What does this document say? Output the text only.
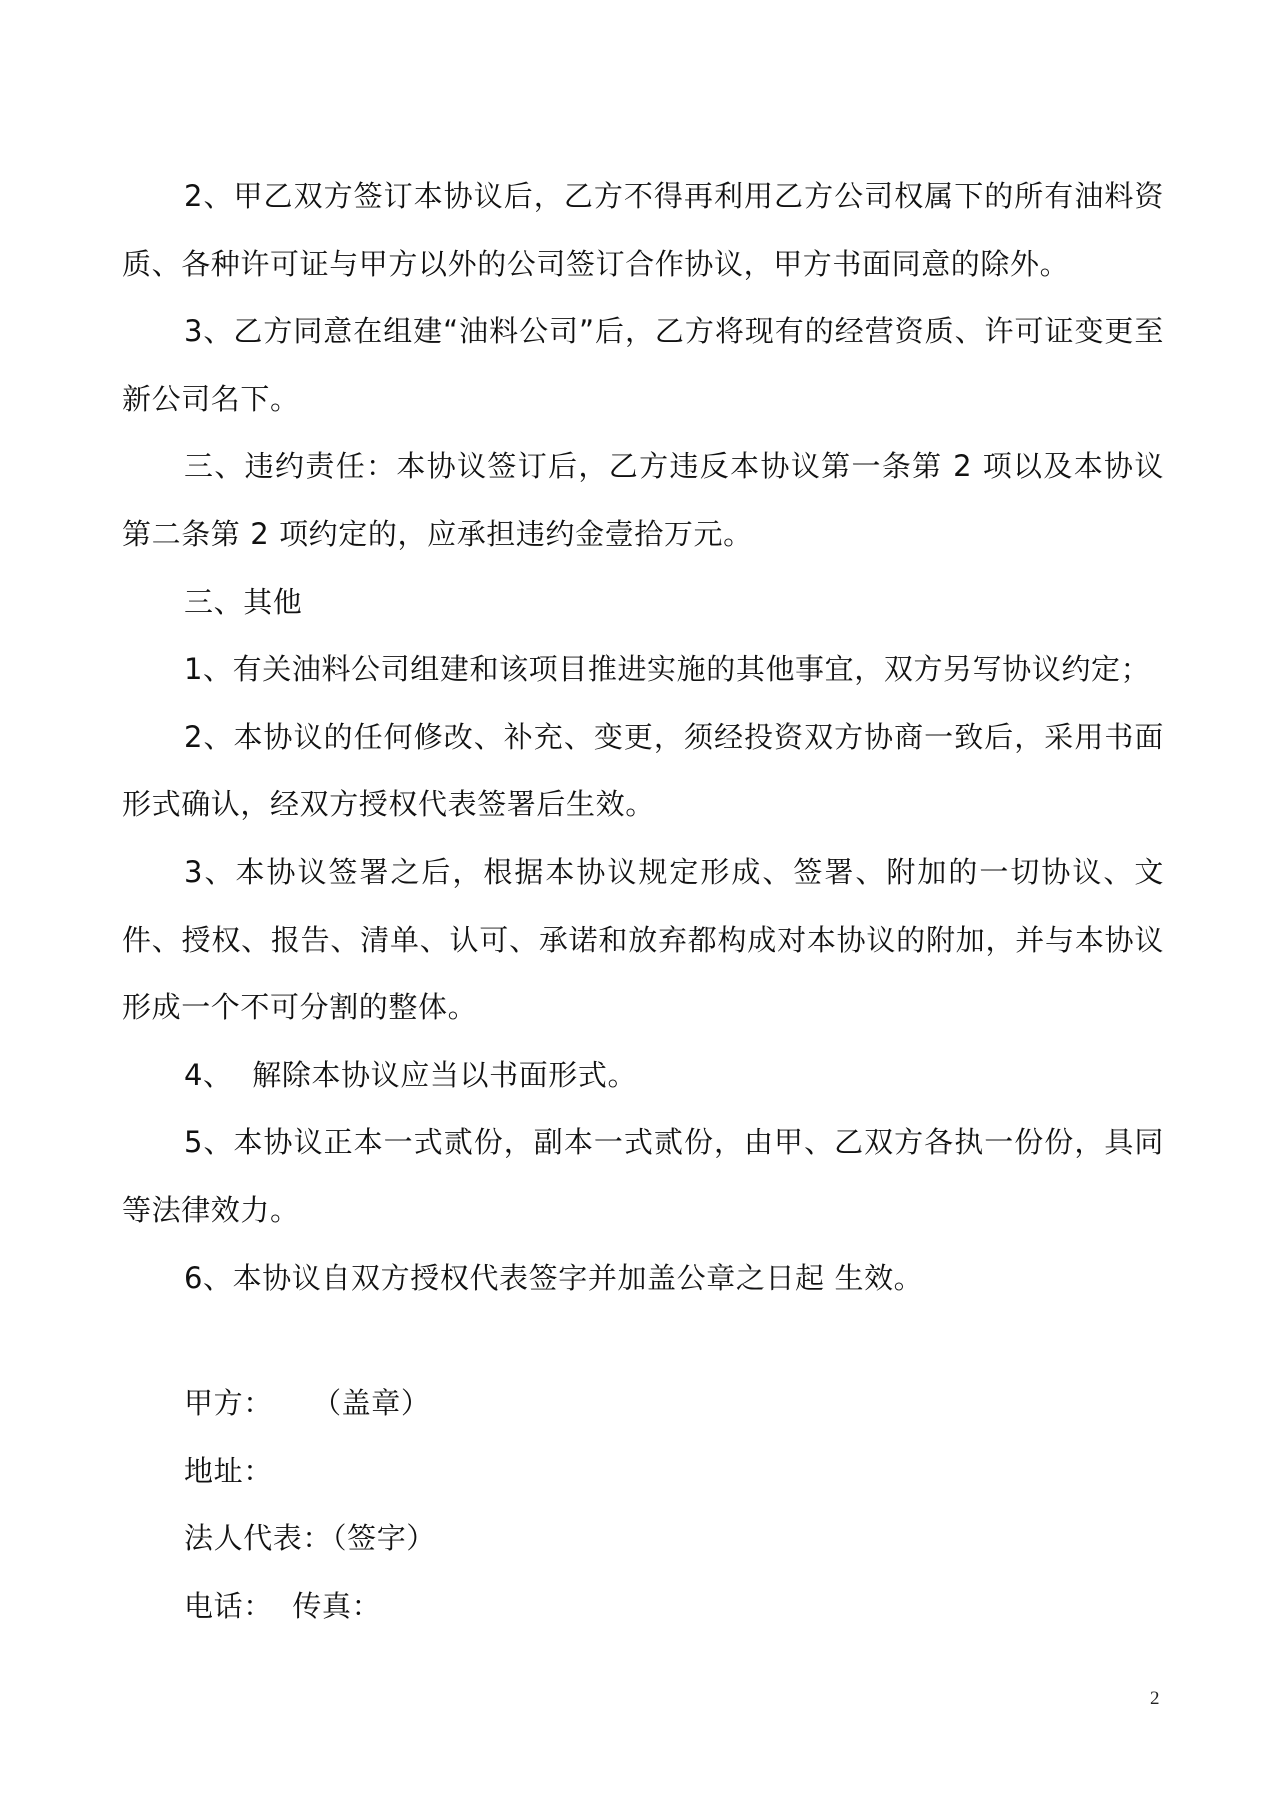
2、甲乙双方签订本协议后，乙方不得再利用乙方公司权属下的所有油料资质、各种许可证与甲方以外的公司签订合作协议，甲方书面同意的除外。

3、乙方同意在组建“油料公司”后，乙方将现有的经营资质、许可证变更至新公司名下。

三、违约责任：本协议签订后，乙方违反本协议第一条第 2 项以及本协议第二条第 2 项约定的，应承担违约金壹拾万元。

三、其他

1、有关油料公司组建和该项目推进实施的其他事宜，双方另写协议约定；

2、本协议的任何修改、补充、变更，须经投资双方协商一致后，采用书面形式确认，经双方授权代表签署后生效。

3、本协议签署之后，根据本协议规定形成、签署、附加的一切协议、文件、授权、报告、清单、认可、承诺和放弃都构成对本协议的附加，并与本协议形成一个不可分割的整体。

4、  解除本协议应当以书面形式。

5、本协议正本一式贰份，副本一式贰份，由甲、乙双方各执一份份，具同等法律效力。

6、本协议自双方授权代表签字并加盖公章之日起 生效。

甲方：    （盖章）

地址：

法人代表：（签字）

电话：  传真：

2
